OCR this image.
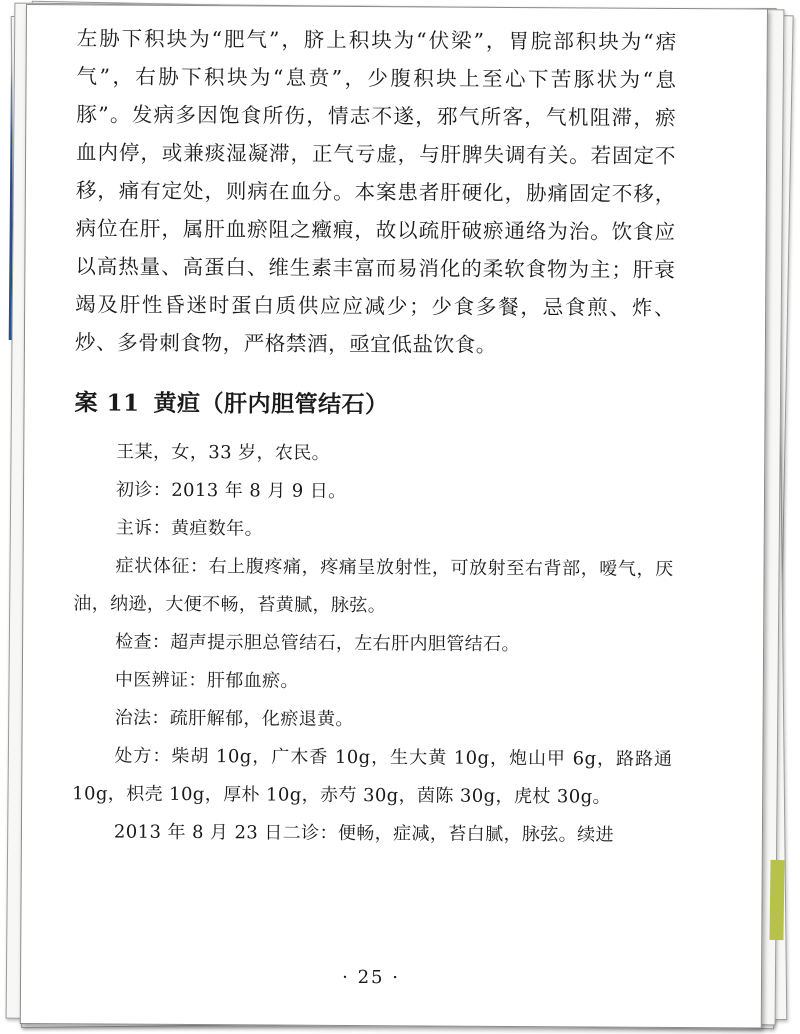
左胁下积块为“肥气”，脐上积块为“伏梁”，胃脘部积块为“痞气”，右胁下积块为“息贲”，少腹积块上至心下苦豚状为“息豚”。发病多因饱食所伤，情志不遂，邪气所客，气机阻滞，瘀血内停，或兼痰湿凝滞，正气亏虚，与肝脾失调有关。若固定不移，痛有定处，则病在血分。本案患者肝硬化，胁痛固定不移，病位在肝，属肝血瘀阻之癥瘕，故以疏肝破瘀通络为治。饮食应以高热量、高蛋白、维生素丰富而易消化的柔软食物为主；肝衰竭及肝性昏迷时蛋白质供应应减少；少食多餐，忌食煎、炸、炒、多骨刺食物，严格禁酒，亟宜低盐饮食。

案 11 黄疸（肝内胆管结石）

王某，女，33 岁，农民。

初诊：2013 年 8 月 9 日。

主诉：黄疸数年。

症状体征：右上腹疼痛，疼痛呈放射性，可放射至右背部，嗳气，厌油，纳逊，大便不畅，苔黄腻，脉弦。

检查：超声提示胆总管结石，左右肝内胆管结石。

中医辨证：肝郁血瘀。

治法：疏肝解郁，化瘀退黄。

处方：柴胡 10g，广木香 10g，生大黄 10g，炮山甲 6g，路路通 10g，枳壳 10g，厚朴 10g，赤芍 30g，茵陈 30g，虎杖 30g。

2013 年 8 月 23 日二诊：便畅，症减，苔白腻，脉弦。续进

· 25 ·
